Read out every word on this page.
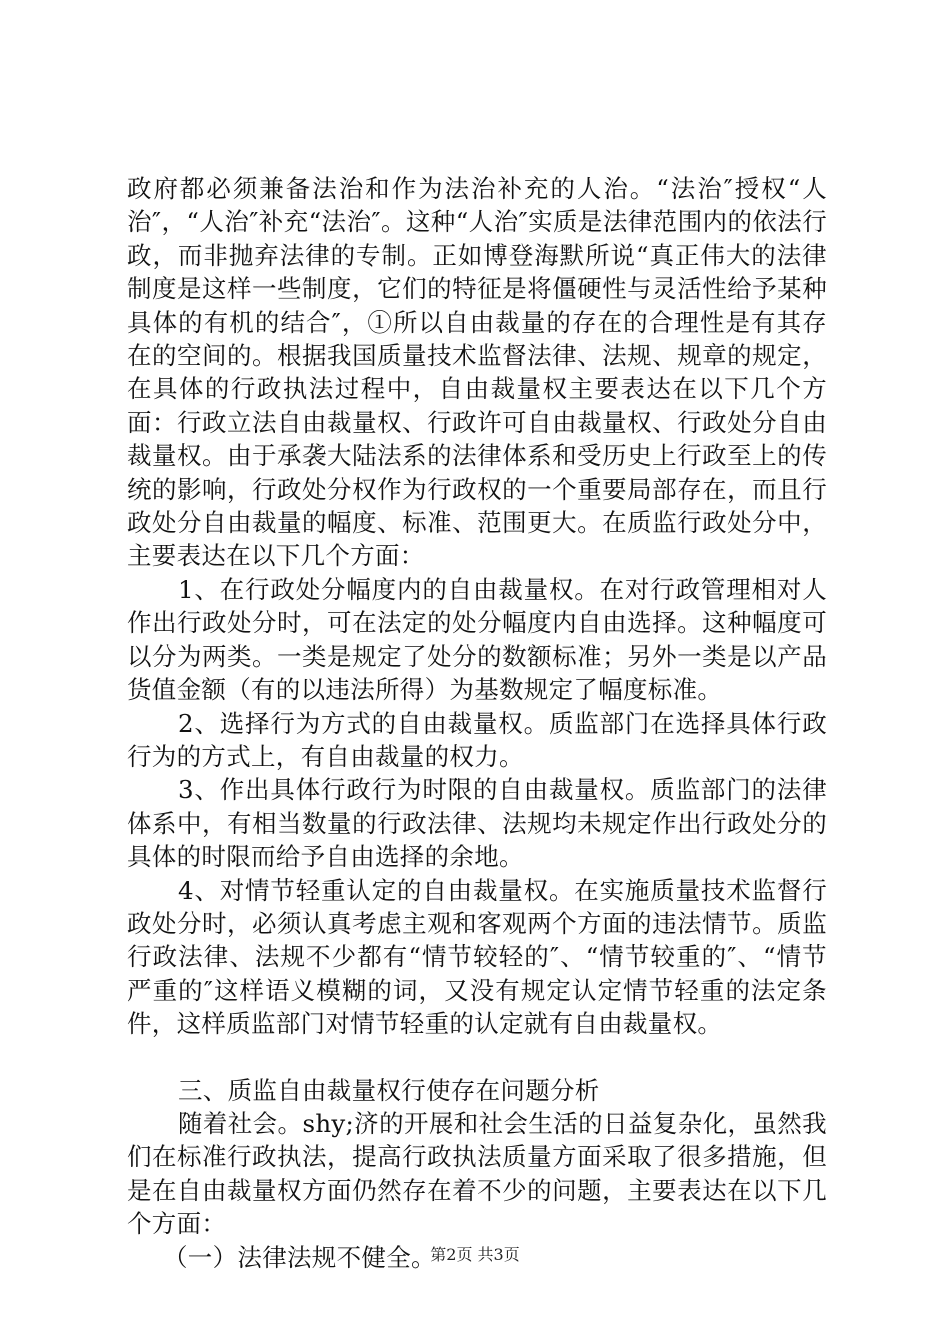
政府都必须兼备法治和作为法治补充的人治。“法治″授权“人治″，“人治″补充“法治″。这种“人治″实质是法律范围内的依法行政，而非抛弃法律的专制。正如博登海默所说“真正伟大的法律制度是这样一些制度，它们的特征是将僵硬性与灵活性给予某种具体的有机的结合″，①所以自由裁量的存在的合理性是有其存在的空间的。根据我国质量技术监督法律、法规、规章的规定，在具体的行政执法过程中，自由裁量权主要表达在以下几个方面：行政立法自由裁量权、行政许可自由裁量权、行政处分自由裁量权。由于承袭大陆法系的法律体系和受历史上行政至上的传统的影响，行政处分权作为行政权的一个重要局部存在，而且行政处分自由裁量的幅度、标准、范围更大。在质监行政处分中，主要表达在以下几个方面：

1、在行政处分幅度内的自由裁量权。在对行政管理相对人作出行政处分时，可在法定的处分幅度内自由选择。这种幅度可以分为两类。一类是规定了处分的数额标准；另外一类是以产品货值金额（有的以违法所得）为基数规定了幅度标准。

2、选择行为方式的自由裁量权。质监部门在选择具体行政行为的方式上，有自由裁量的权力。

3、作出具体行政行为时限的自由裁量权。质监部门的法律体系中，有相当数量的行政法律、法规均未规定作出行政处分的具体的时限而给予自由选择的余地。

4、对情节轻重认定的自由裁量权。在实施质量技术监督行政处分时，必须认真考虑主观和客观两个方面的违法情节。质监行政法律、法规不少都有“情节较轻的″、“情节较重的″、“情节严重的″这样语义模糊的词，又没有规定认定情节轻重的法定条件，这样质监部门对情节轻重的认定就有自由裁量权。

三、质监自由裁量权行使存在问题分析

随着社会。shy;济的开展和社会生活的日益复杂化，虽然我们在标准行政执法，提高行政执法质量方面采取了很多措施，但是在自由裁量权方面仍然存在着不少的问题，主要表达在以下几个方面：

（一）法律法规不健全。

第2页 共3页
